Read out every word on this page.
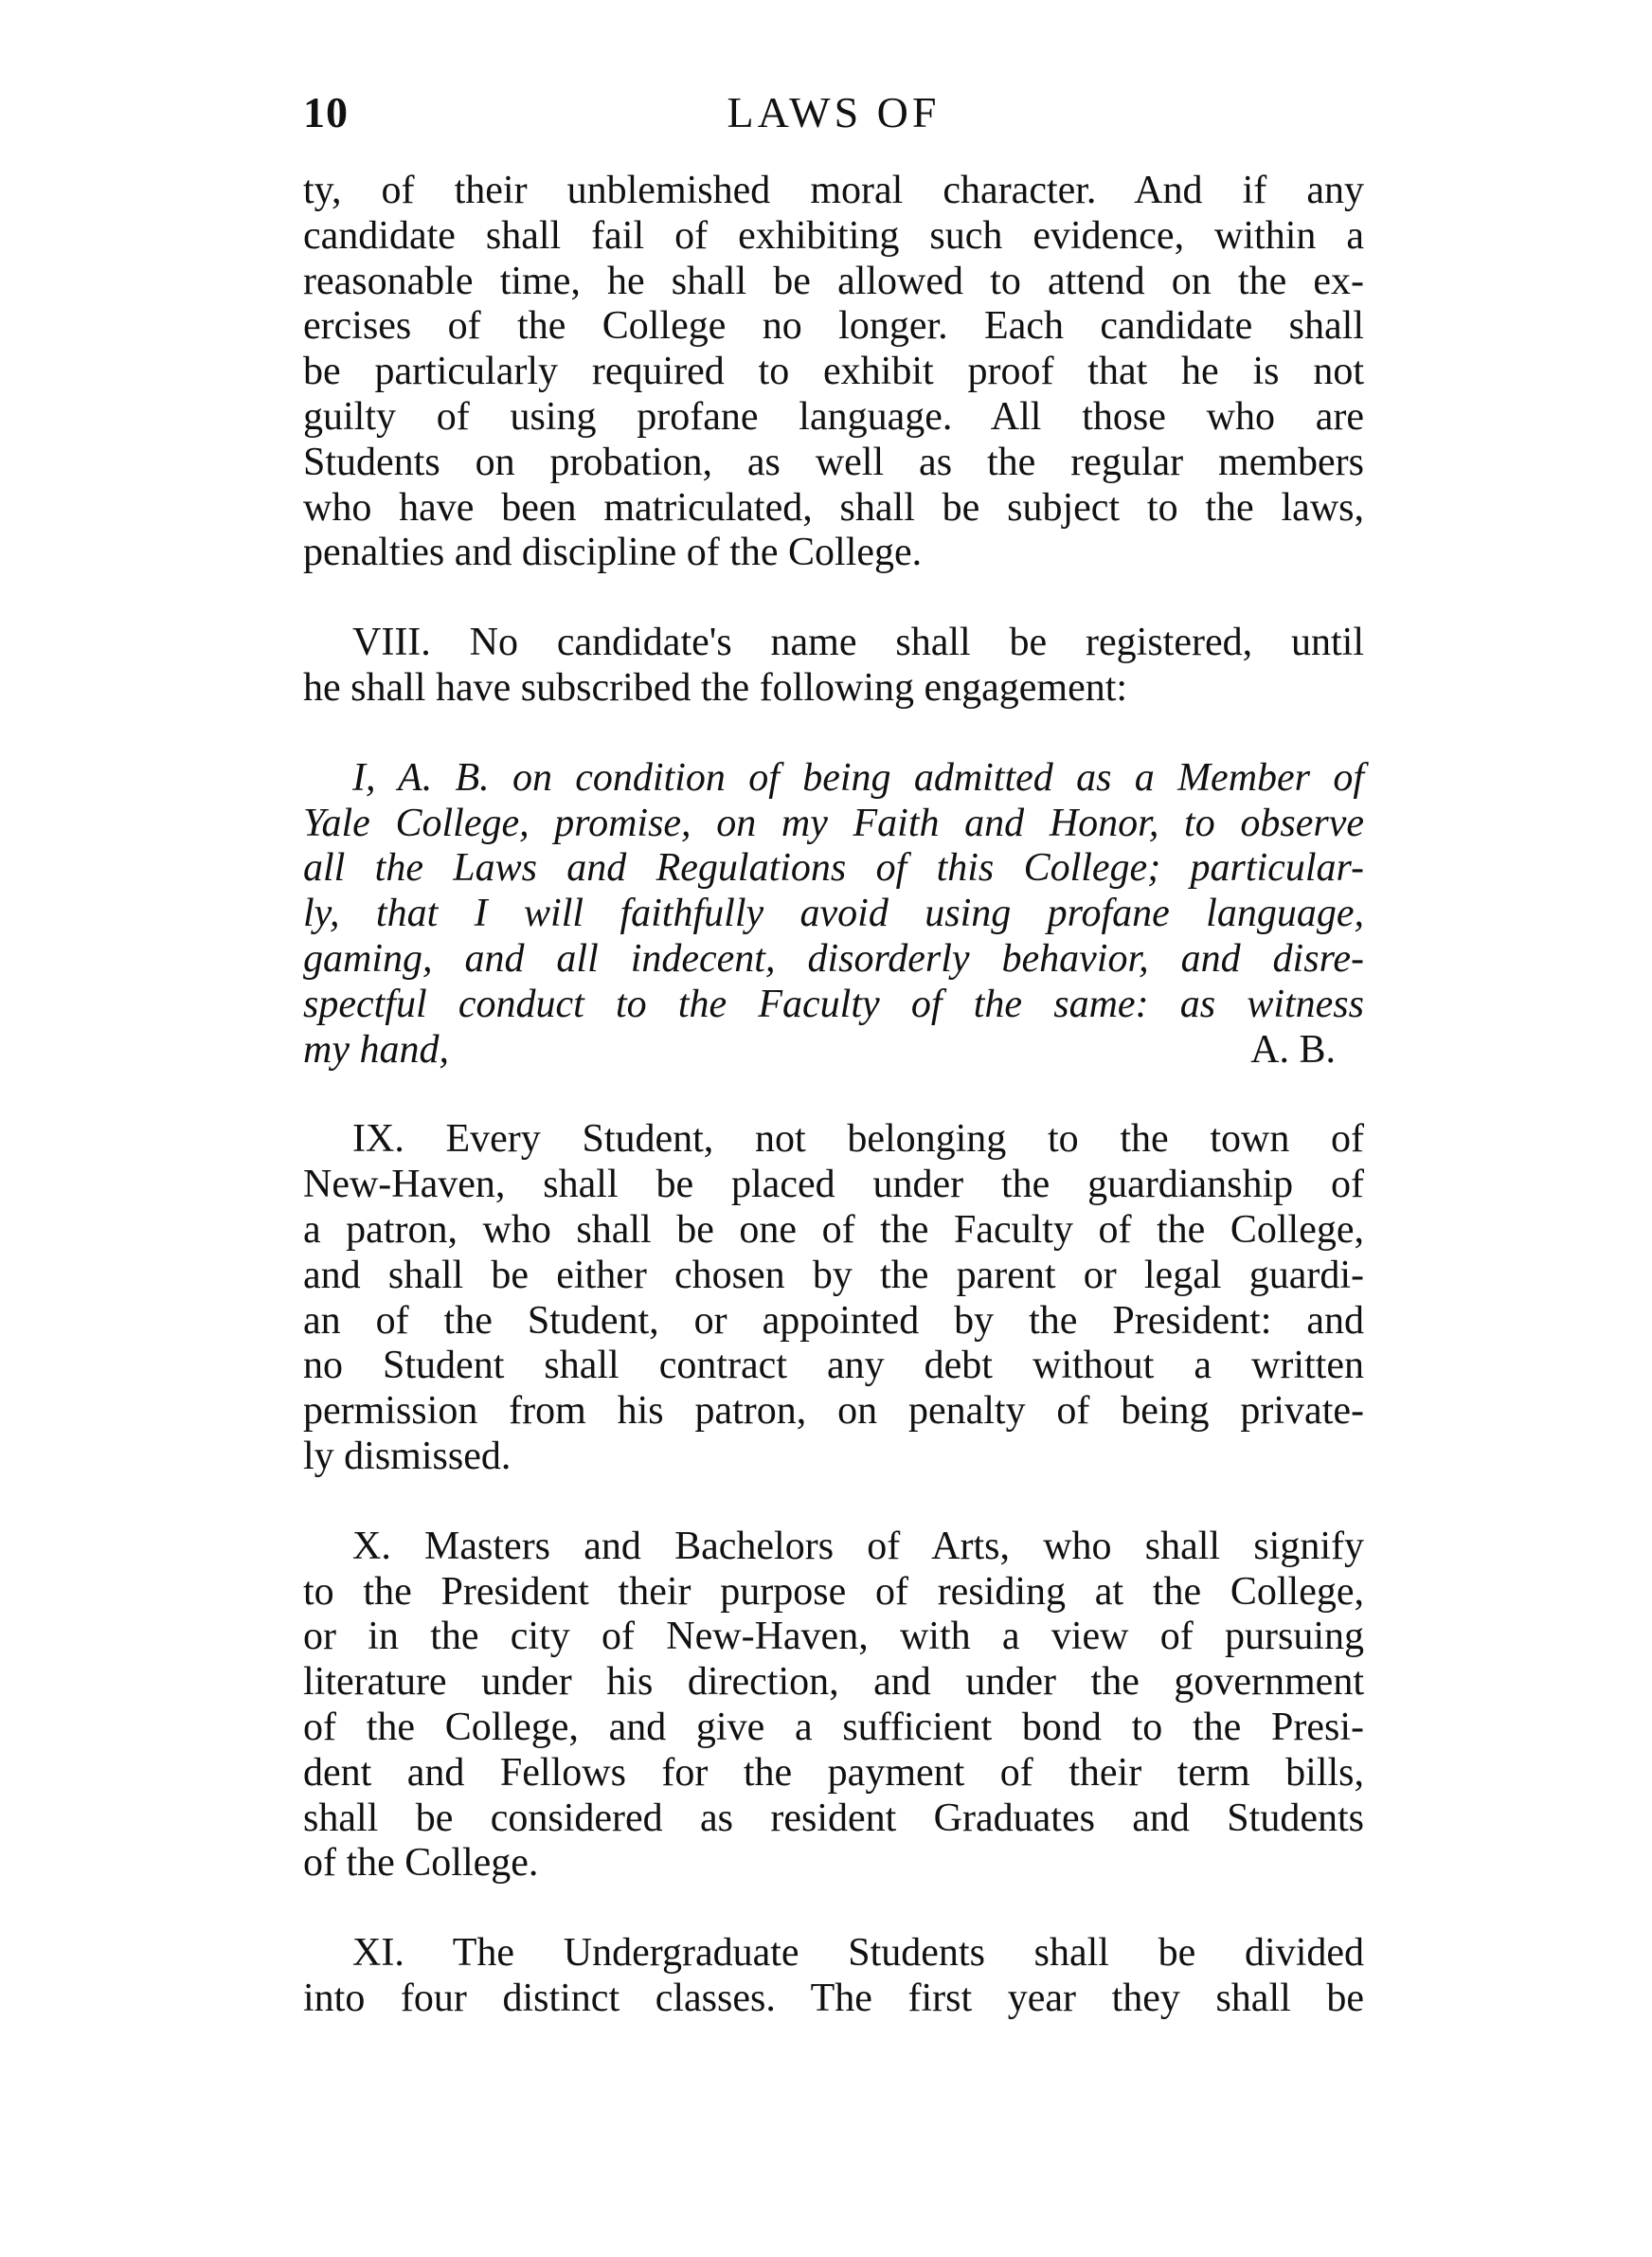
10	LAWS OF
ty, of their unblemished moral character. And if any
candidate shall fail of exhibiting such evidence, within a
reasonable time, he shall be allowed to attend on the ex-
ercises of the College no longer. Each candidate shall
be particularly required to exhibit proof that he is not
guilty of using profane language. All those who are
Students on probation, as well as the regular members
who have been matriculated, shall be subject to the laws,
penalties and discipline of the College.
VIII. No candidate's name shall be registered, until
he shall have subscribed the following engagement:
I, A. B. on condition of being admitted as a Member of
Yale College, promise, on my Faith and Honor, to observe
all the Laws and Regulations of this College; particular-
ly, that I will faithfully avoid using profane language,
gaming, and all indecent, disorderly behavior, and disre-
spectful conduct to the Faculty of the same: as witness
my hand,	A. B.
IX. Every Student, not belonging to the town of
New-Haven, shall be placed under the guardianship of
a patron, who shall be one of the Faculty of the College,
and shall be either chosen by the parent or legal guardi-
an of the Student, or appointed by the President: and
no Student shall contract any debt without a written
permission from his patron, on penalty of being private-
ly dismissed.
X. Masters and Bachelors of Arts, who shall signify
to the President their purpose of residing at the College,
or in the city of New-Haven, with a view of pursuing
literature under his direction, and under the government
of the College, and give a sufficient bond to the Presi-
dent and Fellows for the payment of their term bills,
shall be considered as resident Graduates and Students
of the College.
XI. The Undergraduate Students shall be divided
into four distinct classes. The first year they shall be
